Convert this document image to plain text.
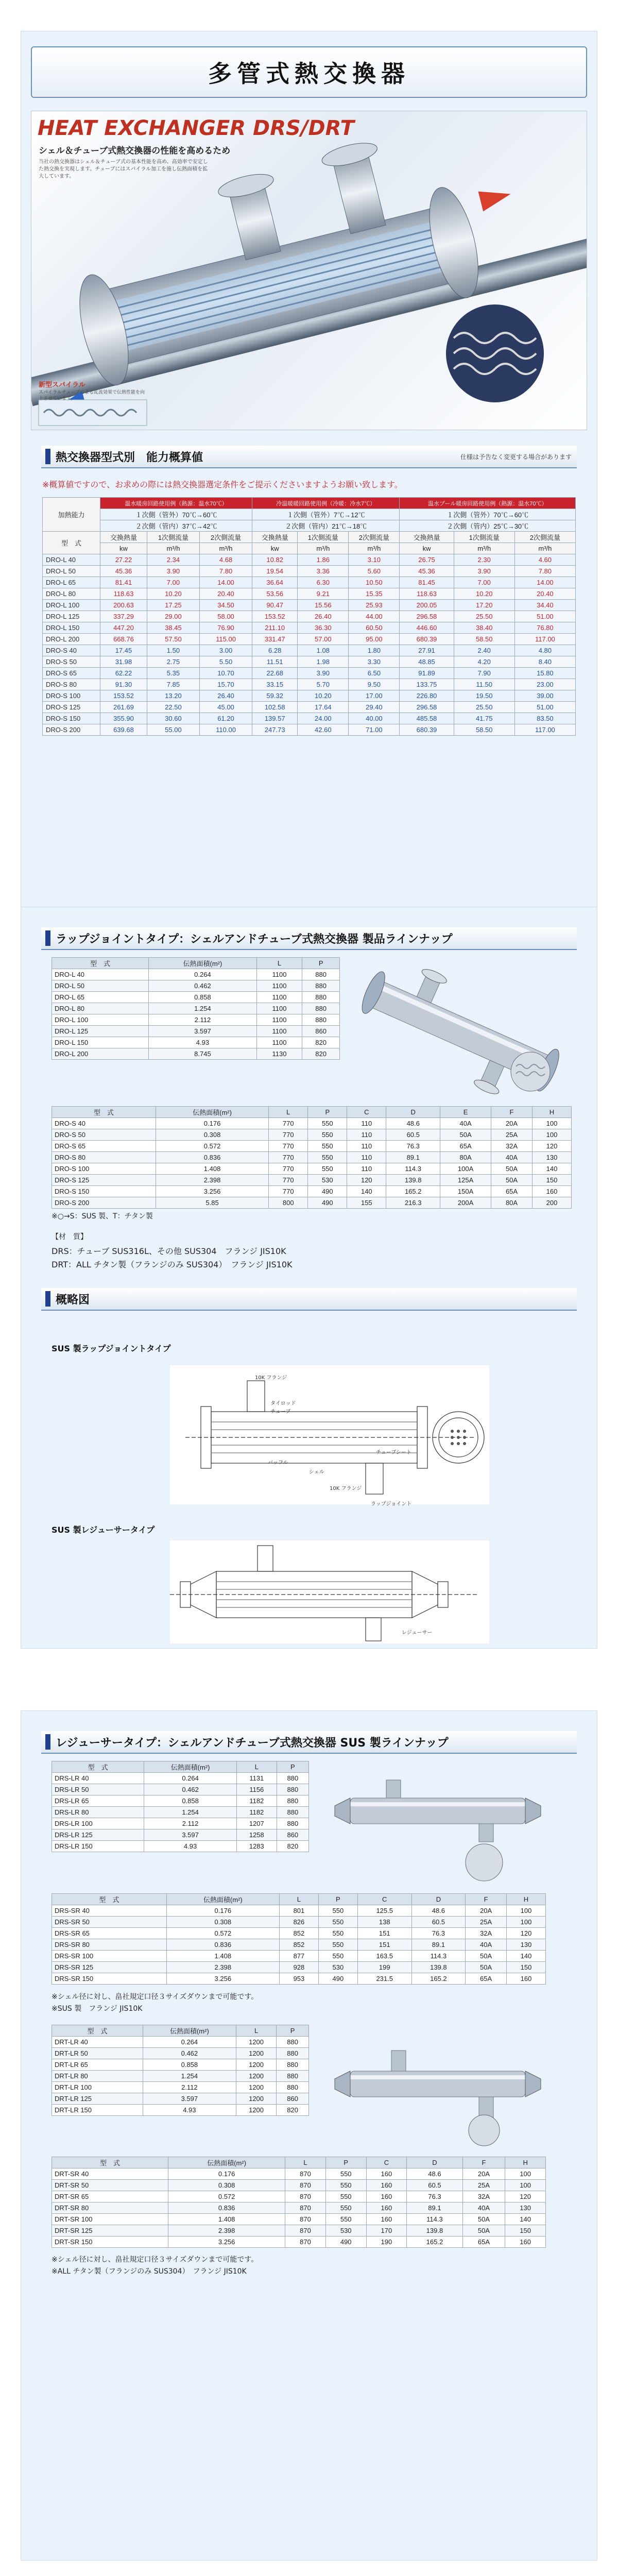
多管式熱交換器
HEAT EXCHANGER DRS/DRT
シェル＆チューブ式熱交換器の性能を高めるため
当社の熱交換器はシェル＆チューブ式の基本性能を高め、高効率で安定した熱交換を実現します。チューブにはスパイラル加工を施し伝熱面積を拡大しています。
新型スパイラル
スパイラルチューブによる乱流効果で伝熱性能を向上させています。
熱交換器型式別　能力概算値	仕様は予告なく変更する場合があります
※概算値ですので、お求めの際には熱交換器選定条件をご提示くださいますようお願い致します。
加熱能力	温水暖房回路使用例（熱源：温水70℃）			冷温暖暖回路使用例（冷暖：冷水7℃）			温水プール暖房回路使用例（熱源：温水70℃）		
	１次側（管外）70℃→60℃			１次側（管外）7℃→12℃			１次側（管外）70℃→60℃		
	２次側（管内）37℃→42℃			２次側（管内）21℃→18℃			２次側（管内）25℃→30℃		
型　式	交換熱量	1次側流量	2次側流量	交換熱量	1次側流量	2次側流量	交換熱量	1次側流量	2次側流量
	kw	m³/h	m³/h	kw	m³/h	m³/h	kw	m³/h	m³/h
DRO-L 40	27.22	2.34	4.68	10.82	1.86	3.10	26.75	2.30	4.60
DRO-L 50	45.36	3.90	7.80	19.54	3.36	5.60	45.36	3.90	7.80
DRO-L 65	81.41	7.00	14.00	36.64	6.30	10.50	81.45	7.00	14.00
DRO-L 80	118.63	10.20	20.40	53.56	9.21	15.35	118.63	10.20	20.40
DRO-L 100	200.63	17.25	34.50	90.47	15.56	25.93	200.05	17.20	34.40
DRO-L 125	337.29	29.00	58.00	153.52	26.40	44.00	296.58	25.50	51.00
DRO-L 150	447.20	38.45	76.90	211.10	36.30	60.50	446.60	38.40	76.80
DRO-L 200	668.76	57.50	115.00	331.47	57.00	95.00	680.39	58.50	117.00
DRO-S 40	17.45	1.50	3.00	6.28	1.08	1.80	27.91	2.40	4.80
DRO-S 50	31.98	2.75	5.50	11.51	1.98	3.30	48.85	4.20	8.40
DRO-S 65	62.22	5.35	10.70	22.68	3.90	6.50	91.89	7.90	15.80
DRO-S 80	91.30	7.85	15.70	33.15	5.70	9.50	133.75	11.50	23.00
DRO-S 100	153.52	13.20	26.40	59.32	10.20	17.00	226.80	19.50	39.00
DRO-S 125	261.69	22.50	45.00	102.58	17.64	29.40	296.58	25.50	51.00
DRO-S 150	355.90	30.60	61.20	139.57	24.00	40.00	485.58	41.75	83.50
DRO-S 200	639.68	55.00	110.00	247.73	42.60	71.00	680.39	58.50	117.00
ラップジョイントタイプ：シェルアンドチューブ式熱交換器 製品ラインナップ
型　式	伝熱面積(m²)	L	P
DRO-L 40	0.264	1100	880
DRO-L 50	0.462	1100	880
DRO-L 65	0.858	1100	880
DRO-L 80	1.254	1100	880
DRO-L 100	2.112	1100	880
DRO-L 125	3.597	1100	860
DRO-L 150	4.93	1100	820
DRO-L 200	8.745	1130	820
型　式	伝熱面積(m²)	L	P	C	D	E	F	H
DRO-S 40	0.176	770	550	110	48.6	40A	20A	100
DRO-S 50	0.308	770	550	110	60.5	50A	25A	100
DRO-S 65	0.572	770	550	110	76.3	65A	32A	120
DRO-S 80	0.836	770	550	110	89.1	80A	40A	130
DRO-S 100	1.408	770	550	110	114.3	100A	50A	140
DRO-S 125	2.398	770	530	120	139.8	125A	50A	150
DRO-S 150	3.256	770	490	140	165.2	150A	65A	160
DRO-S 200	5.85	800	490	155	216.3	200A	80A	200
※○→S：SUS 製、T：チタン製
【材　質】
DRS：チューブ SUS316L、その他 SUS304　フランジ JIS10K
DRT：ALL チタン製（フランジのみ SUS304）　フランジ JIS10K
概略図
SUS 製ラップジョイントタイプ
10K フランジ
タイロッド
チューブ
バッフル
シェル
10K フランジ
チューブシート
ラップジョイント
SUS 製レジューサータイプ
レジューサー
レジューサータイプ：シェルアンドチューブ式熱交換器 SUS 製ラインナップ
型　式	伝熱面積(m²)	L	P
DRS-LR 40	0.264	1131	880
DRS-LR 50	0.462	1156	880
DRS-LR 65	0.858	1182	880
DRS-LR 80	1.254	1182	880
DRS-LR 100	2.112	1207	880
DRS-LR 125	3.597	1258	860
DRS-LR 150	4.93	1283	820
型　式	伝熱面積(m²)	L	P	C	D	F	H
DRS-SR 40	0.176	801	550	125.5	48.6	20A	100
DRS-SR 50	0.308	826	550	138	60.5	25A	100
DRS-SR 65	0.572	852	550	151	76.3	32A	120
DRS-SR 80	0.836	852	550	151	89.1	40A	130
DRS-SR 100	1.408	877	550	163.5	114.3	50A	140
DRS-SR 125	2.398	928	530	199	139.8	50A	150
DRS-SR 150	3.256	953	490	231.5	165.2	65A	160
※シェル径に対し、畠社規定口径３サイズダウンまで可能です。
※SUS 製　フランジ JIS10K
型　式	伝熱面積(m²)	L	P
DRT-LR 40	0.264	1200	880
DRT-LR 50	0.462	1200	880
DRT-LR 65	0.858	1200	880
DRT-LR 80	1.254	1200	880
DRT-LR 100	2.112	1200	880
DRT-LR 125	3.597	1200	860
DRT-LR 150	4.93	1200	820
型　式	伝熱面積(m²)	L	P	C	D	F	H
DRT-SR 40	0.176	870	550	160	48.6	20A	100
DRT-SR 50	0.308	870	550	160	60.5	25A	100
DRT-SR 65	0.572	870	550	160	76.3	32A	120
DRT-SR 80	0.836	870	550	160	89.1	40A	130
DRT-SR 100	1.408	870	550	160	114.3	50A	140
DRT-SR 125	2.398	870	530	170	139.8	50A	150
DRT-SR 150	3.256	870	490	190	165.2	65A	160
※シェル径に対し、畠社規定口径３サイズダウンまで可能です。
※ALL チタン製（フランジのみ SUS304）　フランジ JIS10K
